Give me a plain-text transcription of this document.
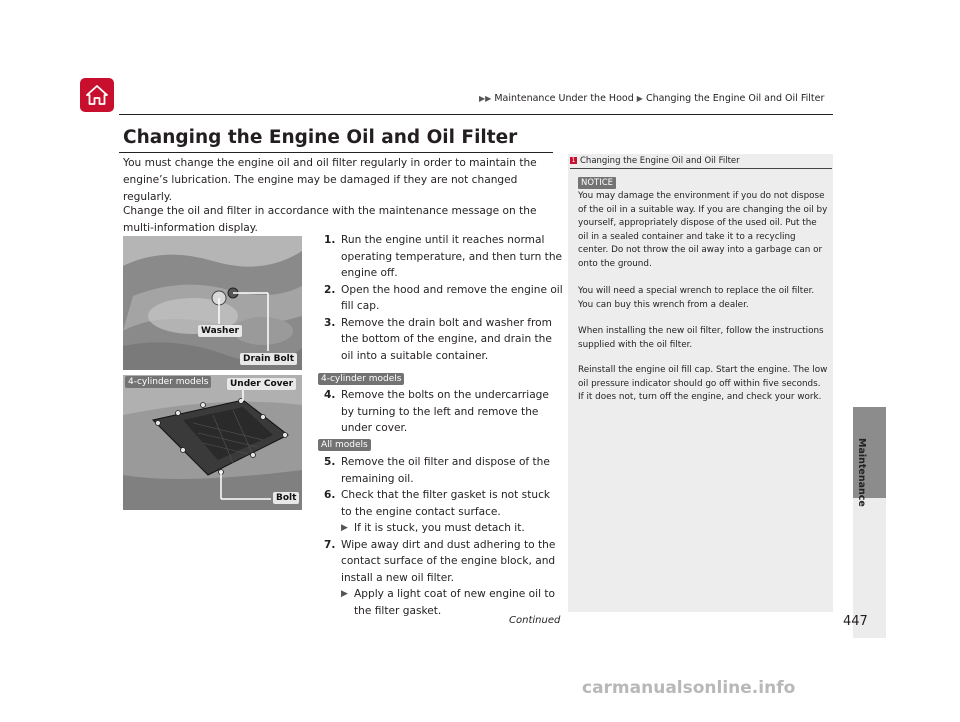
▶▶ Maintenance Under the Hood ▶ Changing the Engine Oil and Oil Filter
Maintenance
Changing the Engine Oil and Oil Filter
You must change the engine oil and oil filter regularly in order to maintain the engine’s lubrication. The engine may be damaged if they are not changed regularly.
Change the oil and filter in accordance with the maintenance message on the multi-information display.
Washer
Drain Bolt
4-cylinder models	Under Cover
Bolt
1. Run the engine until it reaches normal operating temperature, and then turn the engine off.
2. Open the hood and remove the engine oil fill cap.
3. Remove the drain bolt and washer from the bottom of the engine, and drain the oil into a suitable container.
4-cylinder models
4. Remove the bolts on the undercarriage by turning to the left and remove the under cover.
All models
5. Remove the oil filter and dispose of the remaining oil.
6. Check that the filter gasket is not stuck to the engine contact surface.
▶ If it is stuck, you must detach it.
7. Wipe away dirt and dust adhering to the contact surface of the engine block, and install a new oil filter.
▶ Apply a light coat of new engine oil to the filter gasket.
1 Changing the Engine Oil and Oil Filter
NOTICE
You may damage the environment if you do not dispose of the oil in a suitable way. If you are changing the oil by yourself, appropriately dispose of the used oil. Put the oil in a sealed container and take it to a recycling center. Do not throw the oil away into a garbage can or onto the ground.
You will need a special wrench to replace the oil filter. You can buy this wrench from a dealer.
When installing the new oil filter, follow the instructions supplied with the oil filter.
Reinstall the engine oil fill cap. Start the engine. The low oil pressure indicator should go off within five seconds. If it does not, turn off the engine, and check your work.
Continued	447
carmanualsonline.info
